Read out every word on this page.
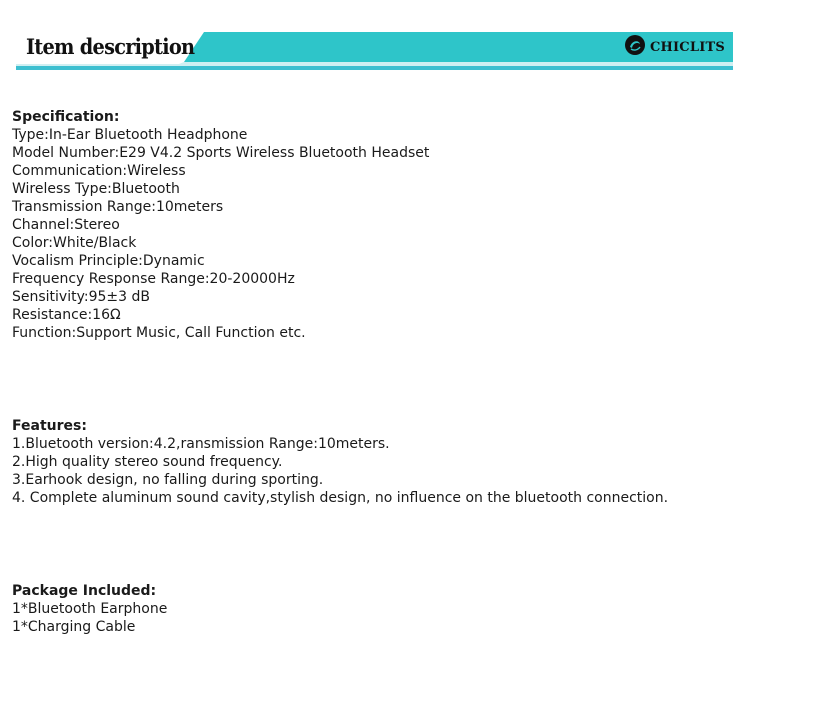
Item description	CHICLITS

Specification:

Type:In-Ear Bluetooth Headphone

Model Number:E29 V4.2 Sports Wireless Bluetooth Headset

Communication:Wireless

Wireless Type:Bluetooth

Transmission Range:10meters

Channel:Stereo

Color:White/Black

Vocalism Principle:Dynamic

Frequency Response Range:20-20000Hz

Sensitivity:95±3 dB

Resistance:16Ω

Function:Support Music, Call Function etc.

Features:

1.Bluetooth version:4.2,ransmission Range:10meters.

2.High quality stereo sound frequency.

3.Earhook design, no falling during sporting.

4. Complete aluminum sound cavity,stylish design, no influence on the bluetooth connection.

Package Included:

1*Bluetooth Earphone

1*Charging Cable
